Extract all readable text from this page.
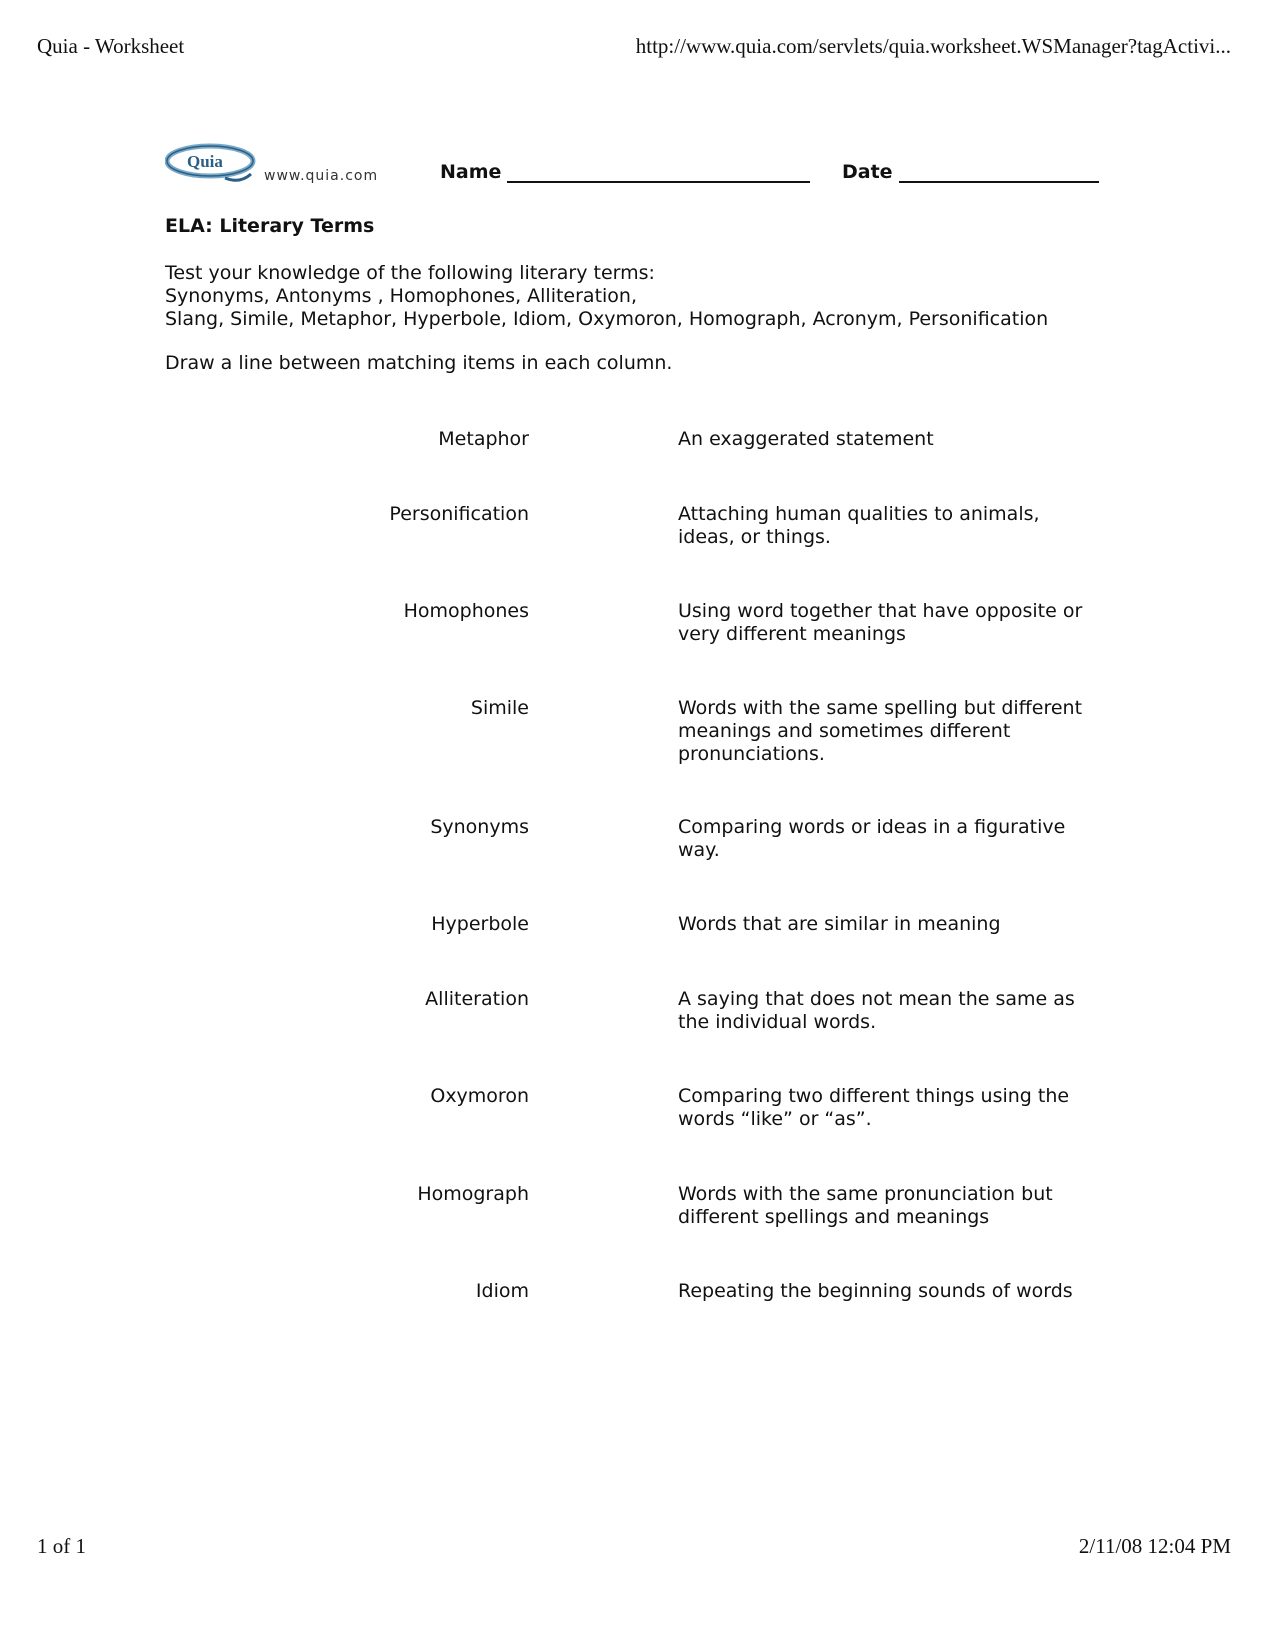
Quia - Worksheet	http://www.quia.com/servlets/quia.worksheet.WSManager?tagActivi...
Quia
www.quia.com	Name	Date
ELA: Literary Terms
Test your knowledge of the following literary terms:
Synonyms, Antonyms , Homophones, Alliteration,
Slang, Simile, Metaphor, Hyperbole, Idiom, Oxymoron, Homograph, Acronym, Personification
Draw a line between matching items in each column.
Metaphor	An exaggerated statement
Personification	Attaching human qualities to animals,
ideas, or things.
Homophones	Using word together that have opposite or
very different meanings
Simile	Words with the same spelling but different
meanings and sometimes different
pronunciations.
Synonyms	Comparing words or ideas in a figurative
way.
Hyperbole	Words that are similar in meaning
Alliteration	A saying that does not mean the same as
the individual words.
Oxymoron	Comparing two different things using the
words “like” or “as”.
Homograph	Words with the same pronunciation but
different spellings and meanings
Idiom	Repeating the beginning sounds of words
1 of 1	2/11/08 12:04 PM
